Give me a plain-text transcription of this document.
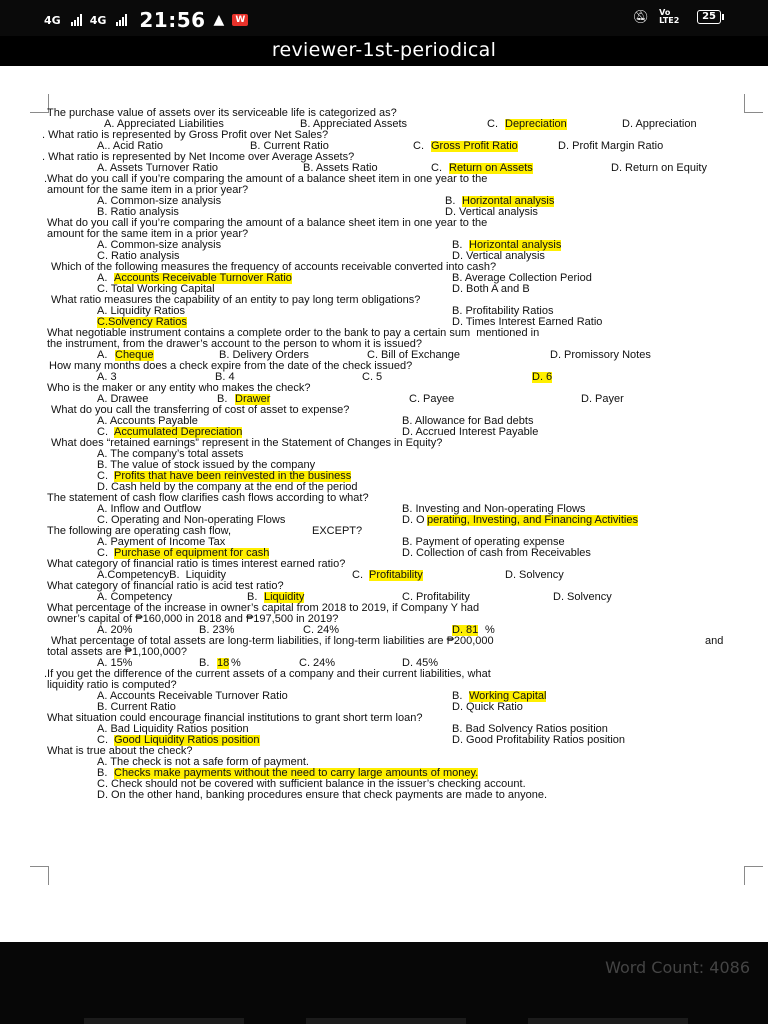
4G	4G 21:56 ▲	W	🔕︎ Vo LTE2	25
reviewer-1st-periodical
The purchase value of assets over its serviceable life is categorized as?
A. Appreciated Liabilities	B. Appreciated Assets	C. Depreciation	D. Appreciation
. What ratio is represented by Gross Profit over Net Sales?
A.. Acid Ratio	B. Current Ratio	C. Gross Profit Ratio	D. Profit Margin Ratio
. What ratio is represented by Net Income over Average Assets?
A. Assets Turnover Ratio	B. Assets Ratio	C. Return on Assets	D. Return on Equity
.What do you call if you’re comparing the amount of a balance sheet item in one year to the
amount for the same item in a prior year?
A. Common-size analysis	B. Horizontal analysis
B. Ratio analysis	D. Vertical analysis
What do you call if you’re comparing the amount of a balance sheet item in one year to the
amount for the same item in a prior year?
A. Common-size analysis	B. Horizontal analysis
C. Ratio analysis	D. Vertical analysis
Which of the following measures the frequency of accounts receivable converted into cash?
A. Accounts Receivable Turnover Ratio	B. Average Collection Period
C. Total Working Capital	D. Both A and B
What ratio measures the capability of an entity to pay long term obligations?
A. Liquidity Ratios	B. Profitability Ratios
C.Solvency Ratios	D. Times Interest Earned Ratio
What negotiable instrument contains a complete order to the bank to pay a certain sum  mentioned in
the instrument, from the drawer’s account to the person to whom it is issued?
A. Cheque	B. Delivery Orders	C. Bill of Exchange	D. Promissory Notes
How many months does a check expire from the date of the check issued?
A. 3	B. 4	C. 5	D. 6
Who is the maker or any entity who makes the check?
A. Drawee	B. Drawer	C. Payee	D. Payer
What do you call the transferring of cost of asset to expense?
A. Accounts Payable	B. Allowance for Bad debts
C. Accumulated Depreciation	D. Accrued Interest Payable
What does “retained earnings” represent in the Statement of Changes in Equity?
A. The company’s total assets
B. The value of stock issued by the company
C. Profits that have been reinvested in the business
D. Cash held by the company at the end of the period
The statement of cash flow clarifies cash flows according to what?
A. Inflow and Outflow	B. Investing and Non-operating Flows
C. Operating and Non-operating Flows	D. O perating, Investing, and Financing Activities
The following are operating cash flow,	EXCEPT?
A. Payment of Income Tax	B. Payment of operating expense
C. Purchase of equipment for cash	D. Collection of cash from Receivables
What category of financial ratio is times interest earned ratio?
A.CompetencyB.  Liquidity	C. Profitability	D. Solvency
What category of financial ratio is acid test ratio?
A. Competency	B. Liquidity	C. Profitability	D. Solvency
What percentage of the increase in owner’s capital from 2018 to 2019, if Company Y had
owner’s capital of ₱160,000 in 2018 and ₱197,500 in 2019?
A. 20%	B. 23%	C. 24%	D. 81 %
What percentage of total assets are long-term liabilities, if long-term liabilities are ₱200,000	and
total assets are ₱1,100,000?
A. 15%	B. 18 %	C. 24%	D. 45%
.If you get the difference of the current assets of a company and their current liabilities, what
liquidity ratio is computed?
A. Accounts Receivable Turnover Ratio	B. Working Capital
B. Current Ratio	D. Quick Ratio
What situation could encourage financial institutions to grant short term loan?
A. Bad Liquidity Ratios position	B. Bad Solvency Ratios position
C. Good Liquidity Ratios position	D. Good Profitability Ratios position
What is true about the check?
A. The check is not a safe form of payment.
B. Checks make payments without the need to carry large amounts of money.
C. Check should not be covered with sufficient balance in the issuer’s checking account.
D. On the other hand, banking procedures ensure that check payments are made to anyone.
Word Count: 4086
